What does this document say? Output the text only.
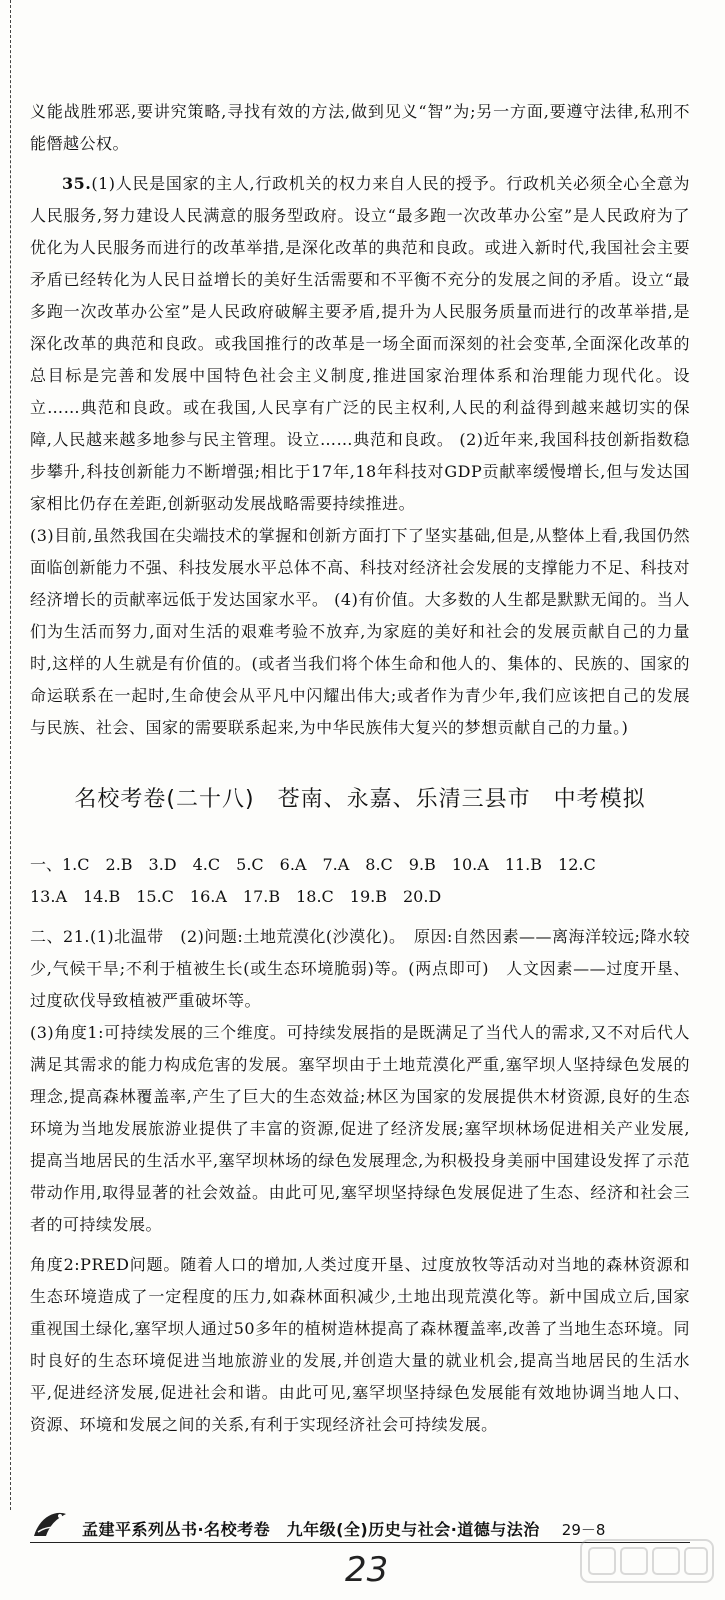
义能战胜邪恶,要讲究策略,寻找有效的方法,做到见义“智”为;另一方面,要遵守法律,私刑不能僭越公权。

35.(1)人民是国家的主人,行政机关的权力来自人民的授予。行政机关必须全心全意为人民服务,努力建设人民满意的服务型政府。设立“最多跑一次改革办公室”是人民政府为了优化为人民服务而进行的改革举措,是深化改革的典范和良政。或进入新时代,我国社会主要矛盾已经转化为人民日益增长的美好生活需要和不平衡不充分的发展之间的矛盾。设立“最多跑一次改革办公室”是人民政府破解主要矛盾,提升为人民服务质量而进行的改革举措,是深化改革的典范和良政。或我国推行的改革是一场全面而深刻的社会变革,全面深化改革的总目标是完善和发展中国特色社会主义制度,推进国家治理体系和治理能力现代化。设立……典范和良政。或在我国,人民享有广泛的民主权利,人民的利益得到越来越切实的保障,人民越来越多地参与民主管理。设立……典范和良政。 (2)近年来,我国科技创新指数稳步攀升,科技创新能力不断增强;相比于17年,18年科技对GDP贡献率缓慢增长,但与发达国家相比仍存在差距,创新驱动发展战略需要持续推进。

(3)目前,虽然我国在尖端技术的掌握和创新方面打下了坚实基础,但是,从整体上看,我国仍然面临创新能力不强、科技发展水平总体不高、科技对经济社会发展的支撑能力不足、科技对经济增长的贡献率远低于发达国家水平。 (4)有价值。大多数的人生都是默默无闻的。当人们为生活而努力,面对生活的艰难考验不放弃,为家庭的美好和社会的发展贡献自己的力量时,这样的人生就是有价值的。(或者当我们将个体生命和他人的、集体的、民族的、国家的命运联系在一起时,生命使会从平凡中闪耀出伟大;或者作为青少年,我们应该把自己的发展与民族、社会、国家的需要联系起来,为中华民族伟大复兴的梦想贡献自己的力量。)

名校考卷(二十八)　苍南、永嘉、乐清三县市　中考模拟

一、1.C　2.B　3.D　4.C　5.C　6.A　7.A　8.C　9.B　10.A　11.B　12.C

13.A　14.B　15.C　16.A　17.B　18.C　19.B　20.D

二、21.(1)北温带　(2)问题:土地荒漠化(沙漠化)。　原因:自然因素——离海洋较远;降水较少,气候干旱;不利于植被生长(或生态环境脆弱)等。(两点即可)　人文因素——过度开垦、过度砍伐导致植被严重破坏等。

(3)角度1:可持续发展的三个维度。可持续发展指的是既满足了当代人的需求,又不对后代人满足其需求的能力构成危害的发展。塞罕坝由于土地荒漠化严重,塞罕坝人坚持绿色发展的理念,提高森林覆盖率,产生了巨大的生态效益;林区为国家的发展提供木材资源,良好的生态环境为当地发展旅游业提供了丰富的资源,促进了经济发展;塞罕坝林场促进相关产业发展,提高当地居民的生活水平,塞罕坝林场的绿色发展理念,为积极投身美丽中国建设发挥了示范带动作用,取得显著的社会效益。由此可见,塞罕坝坚持绿色发展促进了生态、经济和社会三者的可持续发展。

角度2:PRED问题。随着人口的增加,人类过度开垦、过度放牧等活动对当地的森林资源和生态环境造成了一定程度的压力,如森林面积减少,土地出现荒漠化等。新中国成立后,国家重视国土绿化,塞罕坝人通过50多年的植树造林提高了森林覆盖率,改善了当地生态环境。同时良好的生态环境促进当地旅游业的发展,并创造大量的就业机会,提高当地居民的生活水平,促进经济发展,促进社会和谐。由此可见,塞罕坝坚持绿色发展能有效地协调当地人口、资源、环境和发展之间的关系,有利于实现经济社会可持续发展。

孟建平系列丛书·名校考卷　九年级(全)历史与社会·道德与法治 29－8
23
